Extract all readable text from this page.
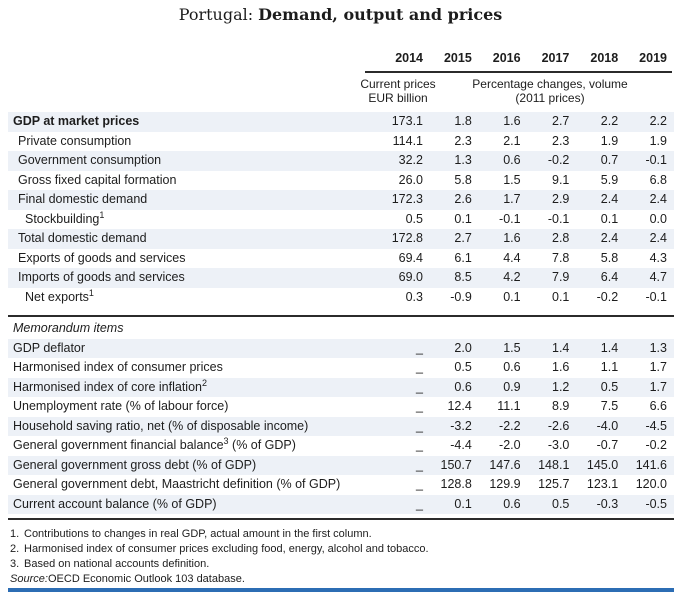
Portugal: Demand, output and prices
2014	2015	2016	2017	2018	2019
Current prices
EUR billion
Percentage changes, volume
(2011 prices)
GDP at market prices	173.1	1.8	1.6	2.7	2.2	2.2
Private consumption	114.1	2.3	2.1	2.3	1.9	1.9
Government consumption	32.2	1.3	0.6	-0.2	0.7	-0.1
Gross fixed capital formation	26.0	5.8	1.5	9.1	5.9	6.8
Final domestic demand	172.3	2.6	1.7	2.9	2.4	2.4
Stockbuilding$^1$	0.5	0.1	-0.1	-0.1	0.1	0.0
Total domestic demand	172.8	2.7	1.6	2.8	2.4	2.4
Exports of goods and services	69.4	6.1	4.4	7.8	5.8	4.3
Imports of goods and services	69.0	8.5	4.2	7.9	6.4	4.7
Net exports$^1$	0.3	-0.9	0.1	0.1	-0.2	-0.1
Memorandum items
GDP deflator	_	2.0	1.5	1.4	1.4	1.3
Harmonised index of consumer prices	_	0.5	0.6	1.6	1.1	1.7
Harmonised index of core inflation$^2$	_	0.6	0.9	1.2	0.5	1.7
Unemployment rate (% of labour force)	_	12.4	11.1	8.9	7.5	6.6
Household saving ratio, net (% of disposable income)	_	-3.2	-2.2	-2.6	-4.0	-4.5
General government financial balance$^3$ (% of GDP)	_	-4.4	-2.0	-3.0	-0.7	-0.2
General government gross debt (% of GDP)	_	150.7	147.6	148.1	145.0	141.6
General government debt, Maastricht definition (% of GDP)	_	128.8	129.9	125.7	123.1	120.0
Current account balance (% of GDP)	_	0.1	0.6	0.5	-0.3	-0.5
1. Contributions to changes in real GDP, actual amount in the first column.
2. Harmonised index of consumer prices excluding food, energy, alcohol and tobacco.
3. Based on national accounts definition.
Source: OECD Economic Outlook 103 database.
